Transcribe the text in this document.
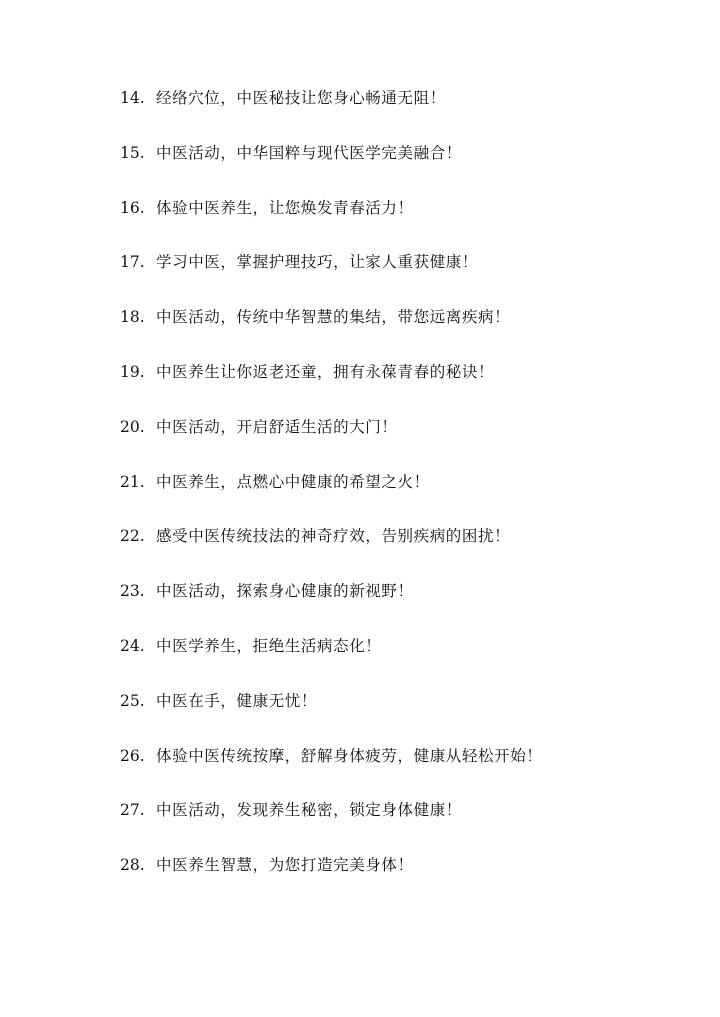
14. 经络穴位，中医秘技让您身心畅通无阻！
15. 中医活动，中华国粹与现代医学完美融合！
16. 体验中医养生，让您焕发青春活力！
17. 学习中医，掌握护理技巧，让家人重获健康！
18. 中医活动，传统中华智慧的集结，带您远离疾病！
19. 中医养生让你返老还童，拥有永葆青春的秘诀！
20. 中医活动，开启舒适生活的大门！
21. 中医养生，点燃心中健康的希望之火！
22. 感受中医传统技法的神奇疗效，告别疾病的困扰！
23. 中医活动，探索身心健康的新视野！
24. 中医学养生，拒绝生活病态化！
25. 中医在手，健康无忧！
26. 体验中医传统按摩，舒解身体疲劳，健康从轻松开始！
27. 中医活动，发现养生秘密，锁定身体健康！
28. 中医养生智慧，为您打造完美身体！
